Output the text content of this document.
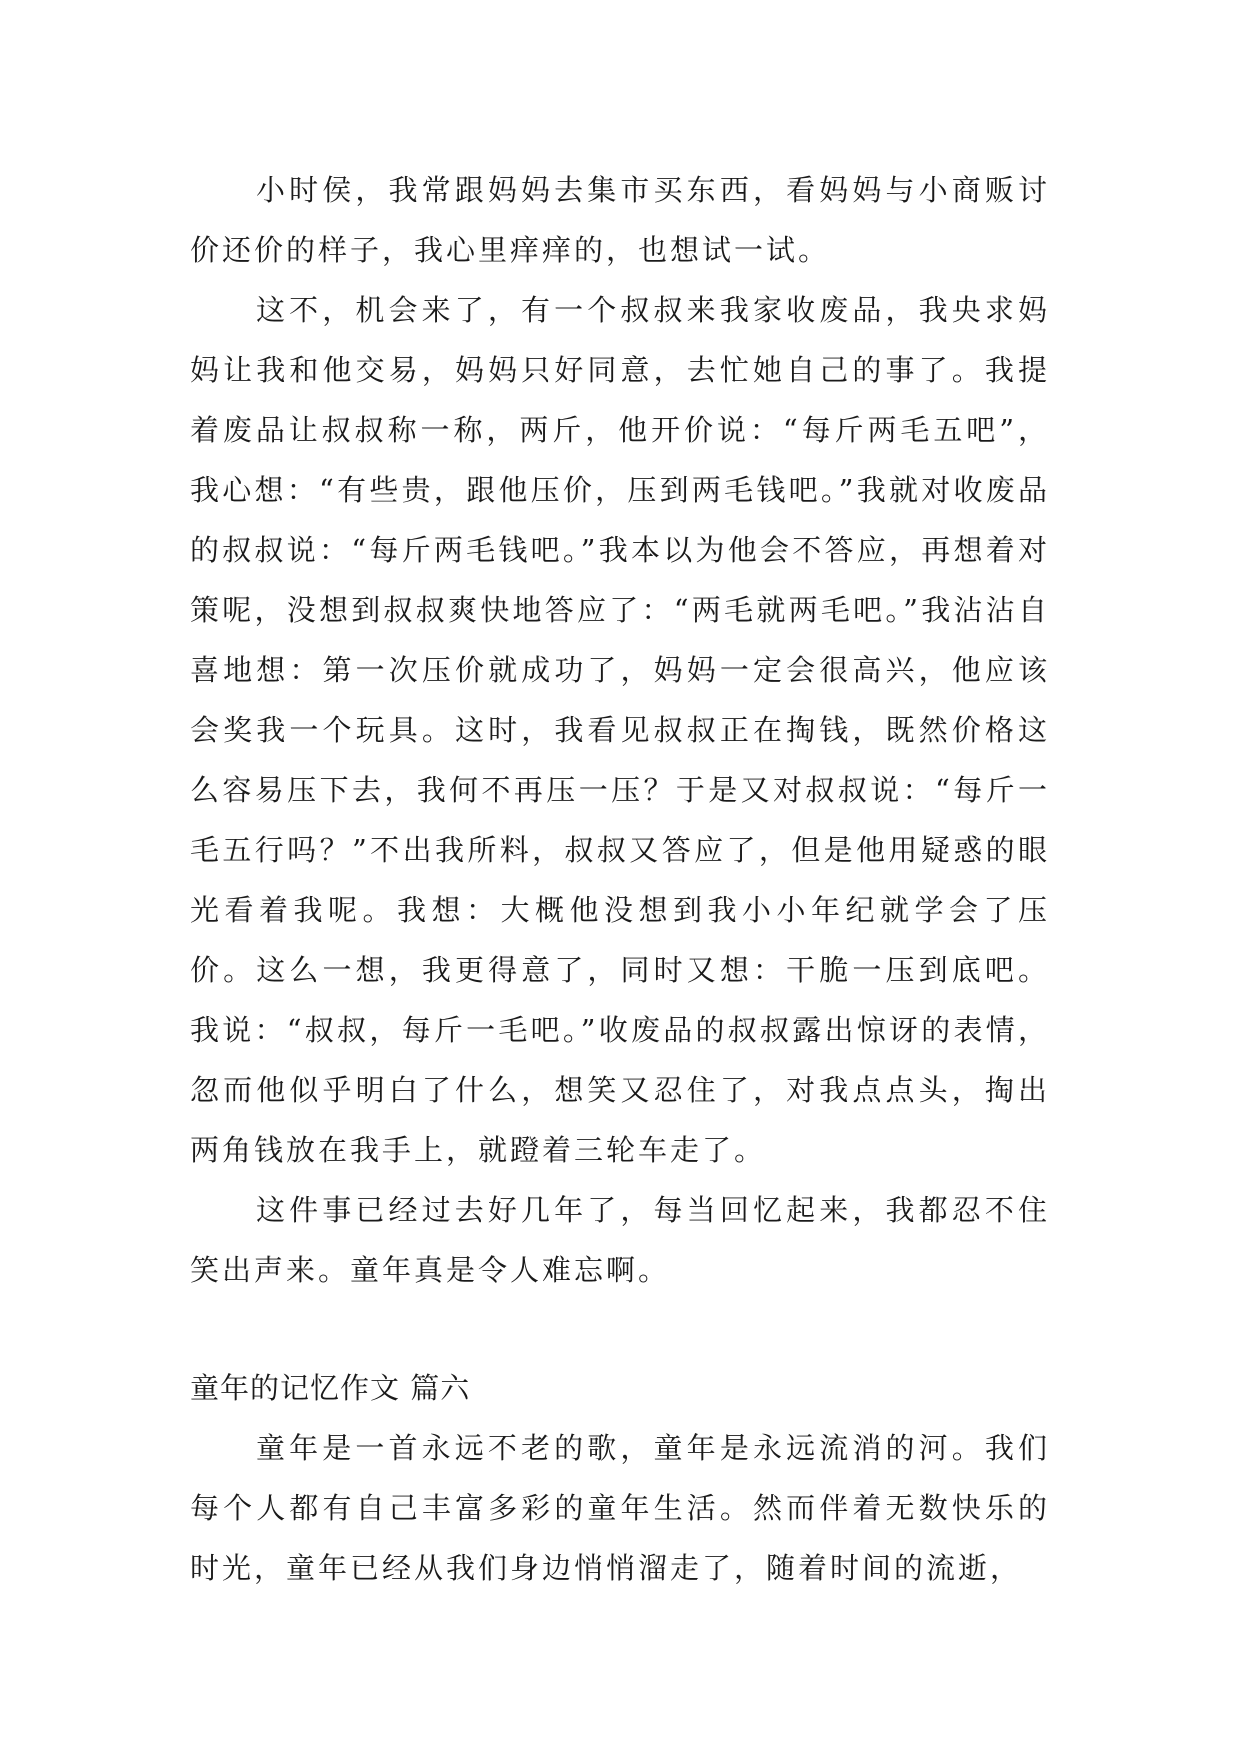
小时侯，我常跟妈妈去集市买东西，看妈妈与小商贩讨价还价的样子，我心里痒痒的，也想试一试。

这不，机会来了，有一个叔叔来我家收废品，我央求妈妈让我和他交易，妈妈只好同意，去忙她自己的事了。我提着废品让叔叔称一称，两斤，他开价说：“每斤两毛五吧”，我心想：“有些贵，跟他压价，压到两毛钱吧。”我就对收废品的叔叔说：“每斤两毛钱吧。”我本以为他会不答应，再想着对策呢，没想到叔叔爽快地答应了：“两毛就两毛吧。”我沾沾自喜地想：第一次压价就成功了，妈妈一定会很高兴，他应该会奖我一个玩具。这时，我看见叔叔正在掏钱，既然价格这么容易压下去，我何不再压一压？于是又对叔叔说：“每斤一毛五行吗？”不出我所料，叔叔又答应了，但是他用疑惑的眼光看着我呢。我想：大概他没想到我小小年纪就学会了压价。这么一想，我更得意了，同时又想：干脆一压到底吧。我说：“叔叔，每斤一毛吧。”收废品的叔叔露出惊讶的表情，忽而他似乎明白了什么，想笑又忍住了，对我点点头，掏出两角钱放在我手上，就蹬着三轮车走了。

这件事已经过去好几年了，每当回忆起来，我都忍不住笑出声来。童年真是令人难忘啊。

童年的记忆作文 篇六

童年是一首永远不老的歌，童年是永远流消的河。我们每个人都有自己丰富多彩的童年生活。然而伴着无数快乐的时光，童年已经从我们身边悄悄溜走了，随着时间的流逝，
